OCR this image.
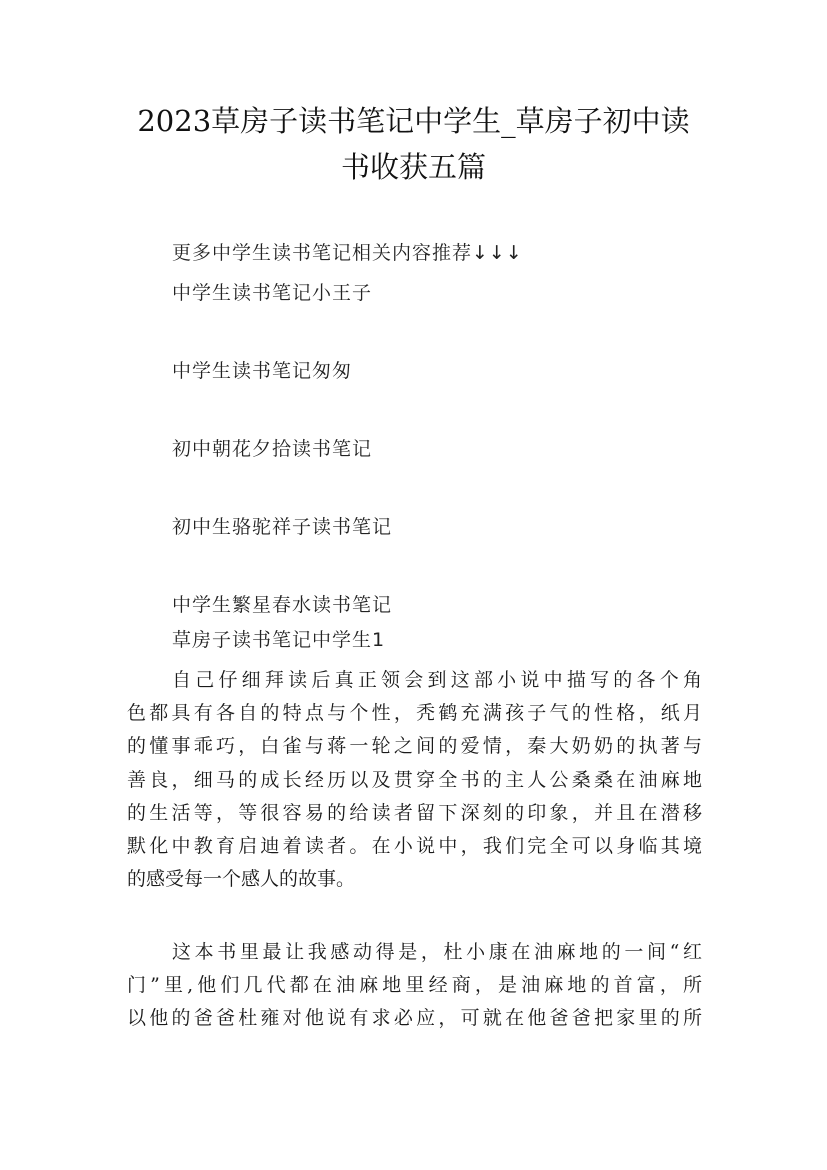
2023草房子读书笔记中学生_草房子初中读
书收获五篇

更多中学生读书笔记相关内容推荐↓↓↓

中学生读书笔记小王子

中学生读书笔记匆匆

初中朝花夕拾读书笔记

初中生骆驼祥子读书笔记

中学生繁星春水读书笔记

草房子读书笔记中学生1

自己仔细拜读后真正领会到这部小说中描写的各个角
色都具有各自的特点与个性，秃鹤充满孩子气的性格，纸月
的懂事乖巧，白雀与蒋一轮之间的爱情，秦大奶奶的执著与
善良，细马的成长经历以及贯穿全书的主人公桑桑在油麻地
的生活等，等很容易的给读者留下深刻的印象，并且在潜移
默化中教育启迪着读者。在小说中，我们完全可以身临其境
的感受每一个感人的故事。
这本书里最让我感动得是，杜小康在油麻地的一间“红
门”里,他们几代都在油麻地里经商，是油麻地的首富，所
以他的爸爸杜雍对他说有求必应，可就在他爸爸把家里的所
